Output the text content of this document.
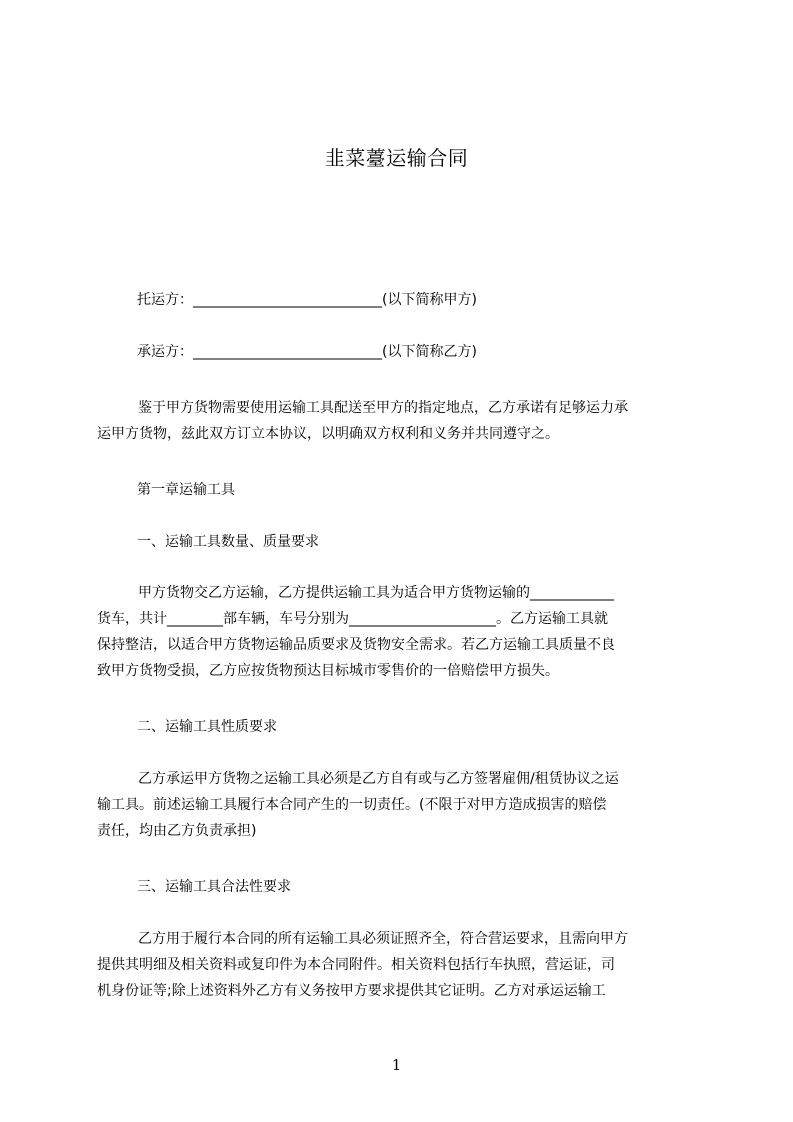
韭菜薹运输合同
托运方：___________________________(以下简称甲方)
承运方：___________________________(以下简称乙方)
鉴于甲方货物需要使用运输工具配送至甲方的指定地点，乙方承诺有足够运力承
运甲方货物，兹此双方订立本协议，以明确双方权利和义务并共同遵守之。
第一章运输工具
一、运输工具数量、质量要求
甲方货物交乙方运输，乙方提供运输工具为适合甲方货物运输的____________
货车，共计________部车辆，车号分别为_____________________。乙方运输工具就
保持整洁，以适合甲方货物运输品质要求及货物安全需求。若乙方运输工具质量不良
致甲方货物受损，乙方应按货物预达目标城市零售价的一倍赔偿甲方损失。
二、运输工具性质要求
乙方承运甲方货物之运输工具必须是乙方自有或与乙方签署雇佣/租赁协议之运
输工具。前述运输工具履行本合同产生的一切责任。(不限于对甲方造成损害的赔偿
责任，均由乙方负责承担)
三、运输工具合法性要求
乙方用于履行本合同的所有运输工具必须证照齐全，符合营运要求，且需向甲方
提供其明细及相关资料或复印件为本合同附件。相关资料包括行车执照，营运证，司
机身份证等;除上述资料外乙方有义务按甲方要求提供其它证明。乙方对承运运输工
1
